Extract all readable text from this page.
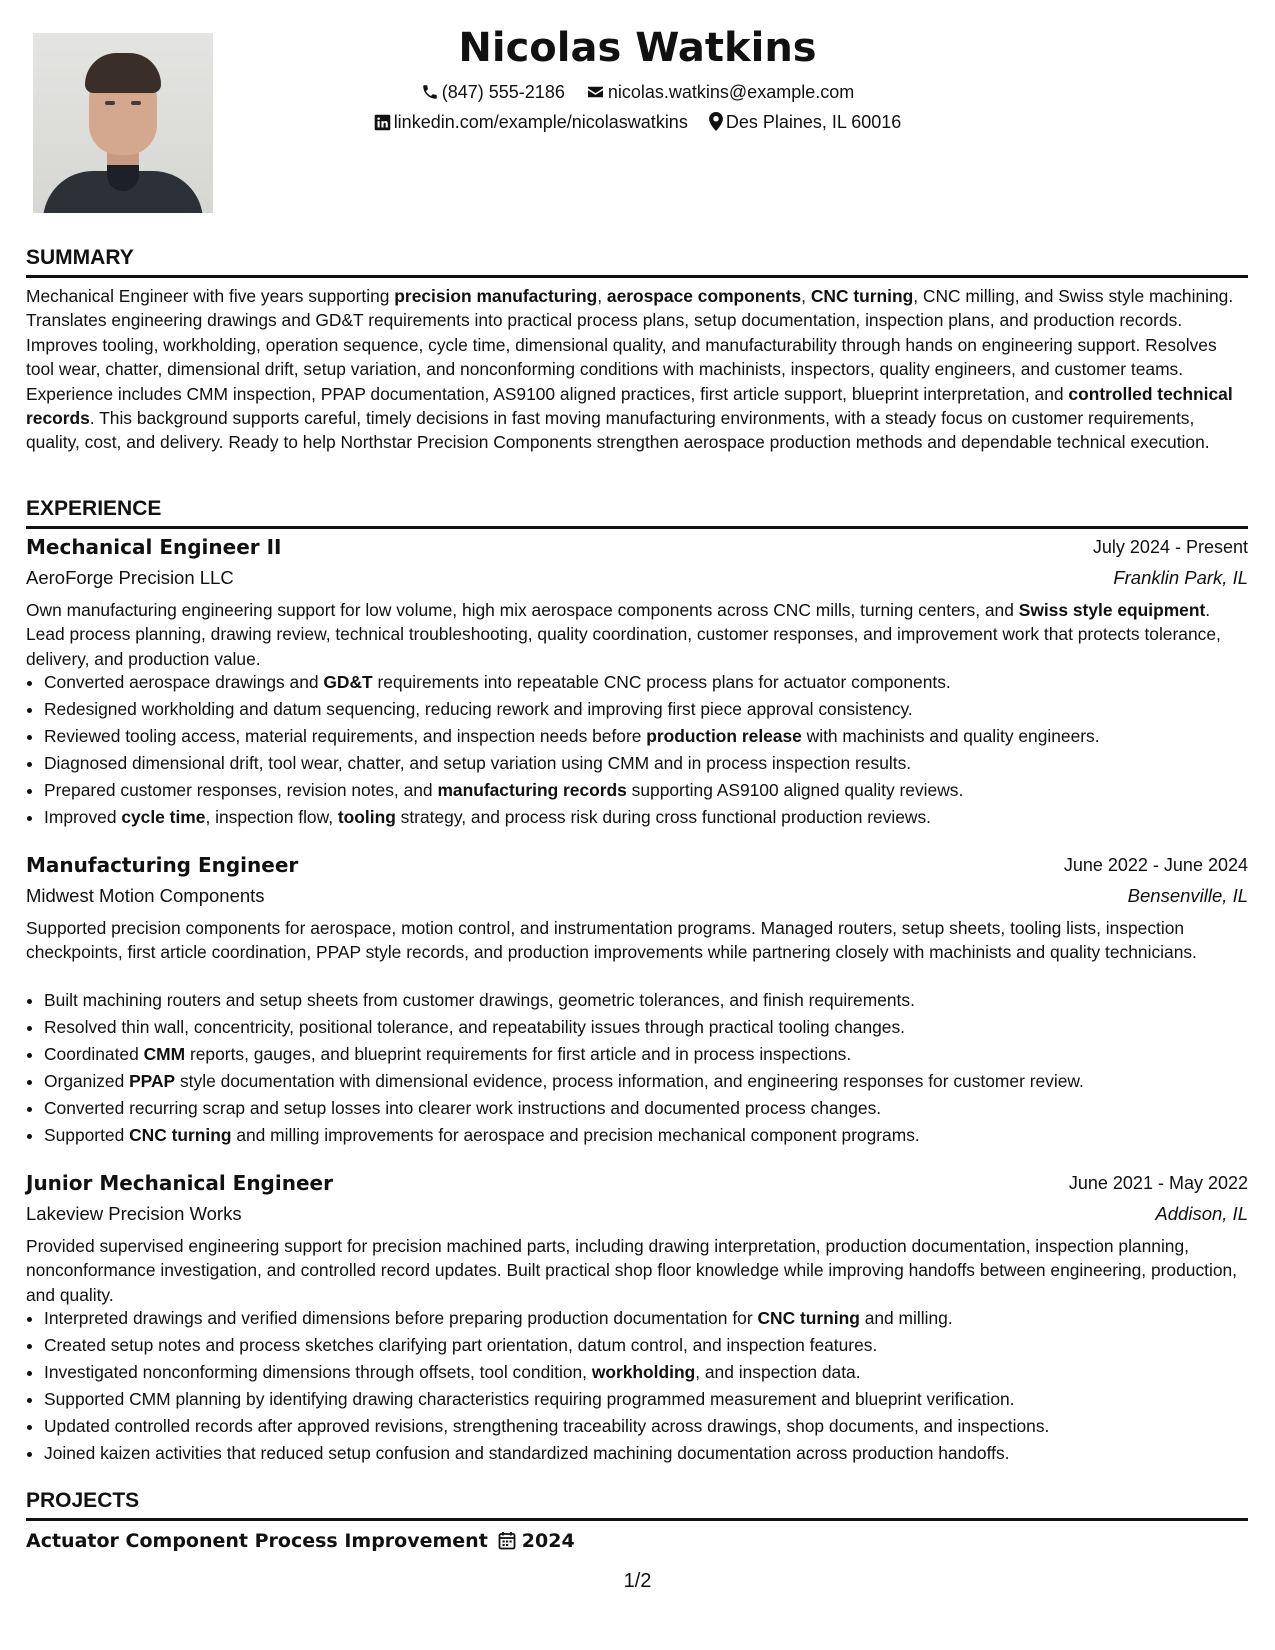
Nicolas Watkins
(847) 555-2186 nicolas.watkins@example.com
linkedin.com/example/nicolaswatkins Des Plaines, IL 60016
SUMMARY

Mechanical Engineer with five years supporting precision manufacturing, aerospace components, CNC turning, CNC milling, and Swiss style machining. Translates engineering drawings and GD&T requirements into practical process plans, setup documentation, inspection plans, and production records. Improves tooling, workholding, operation sequence, cycle time, dimensional quality, and manufacturability through hands on engineering support. Resolves tool wear, chatter, dimensional drift, setup variation, and nonconforming conditions with machinists, inspectors, quality engineers, and customer teams. Experience includes CMM inspection, PPAP documentation, AS9100 aligned practices, first article support, blueprint interpretation, and controlled technical records. This background supports careful, timely decisions in fast moving manufacturing environments, with a steady focus on customer requirements, quality, cost, and delivery. Ready to help Northstar Precision Components strengthen aerospace production methods and dependable technical execution.

EXPERIENCE
Mechanical Engineer II	July 2024 - Present
AeroForge Precision LLC	Franklin Park, IL

Own manufacturing engineering support for low volume, high mix aerospace components across CNC mills, turning centers, and Swiss style equipment. Lead process planning, drawing review, technical troubleshooting, quality coordination, customer responses, and improvement work that protects tolerance, delivery, and production value.

• Converted aerospace drawings and GD&T requirements into repeatable CNC process plans for actuator components.
• Redesigned workholding and datum sequencing, reducing rework and improving first piece approval consistency.
• Reviewed tooling access, material requirements, and inspection needs before production release with machinists and quality engineers.
• Diagnosed dimensional drift, tool wear, chatter, and setup variation using CMM and in process inspection results.
• Prepared customer responses, revision notes, and manufacturing records supporting AS9100 aligned quality reviews.
• Improved cycle time, inspection flow, tooling strategy, and process risk during cross functional production reviews.
Manufacturing Engineer	June 2022 - June 2024
Midwest Motion Components	Bensenville, IL

Supported precision components for aerospace, motion control, and instrumentation programs. Managed routers, setup sheets, tooling lists, inspection checkpoints, first article coordination, PPAP style records, and production improvements while partnering closely with machinists and quality technicians.

• Built machining routers and setup sheets from customer drawings, geometric tolerances, and finish requirements.
• Resolved thin wall, concentricity, positional tolerance, and repeatability issues through practical tooling changes.
• Coordinated CMM reports, gauges, and blueprint requirements for first article and in process inspections.
• Organized PPAP style documentation with dimensional evidence, process information, and engineering responses for customer review.
• Converted recurring scrap and setup losses into clearer work instructions and documented process changes.
• Supported CNC turning and milling improvements for aerospace and precision mechanical component programs.
Junior Mechanical Engineer	June 2021 - May 2022
Lakeview Precision Works	Addison, IL

Provided supervised engineering support for precision machined parts, including drawing interpretation, production documentation, inspection planning, nonconformance investigation, and controlled record updates. Built practical shop floor knowledge while improving handoffs between engineering, production, and quality.

• Interpreted drawings and verified dimensions before preparing production documentation for CNC turning and milling.
• Created setup notes and process sketches clarifying part orientation, datum control, and inspection features.
• Investigated nonconforming dimensions through offsets, tool condition, workholding, and inspection data.
• Supported CMM planning by identifying drawing characteristics requiring programmed measurement and blueprint verification.
• Updated controlled records after approved revisions, strengthening traceability across drawings, shop documents, and inspections.
• Joined kaizen activities that reduced setup confusion and standardized machining documentation across production handoffs.
PROJECTS
Actuator Component Process Improvement 2024
1/2
